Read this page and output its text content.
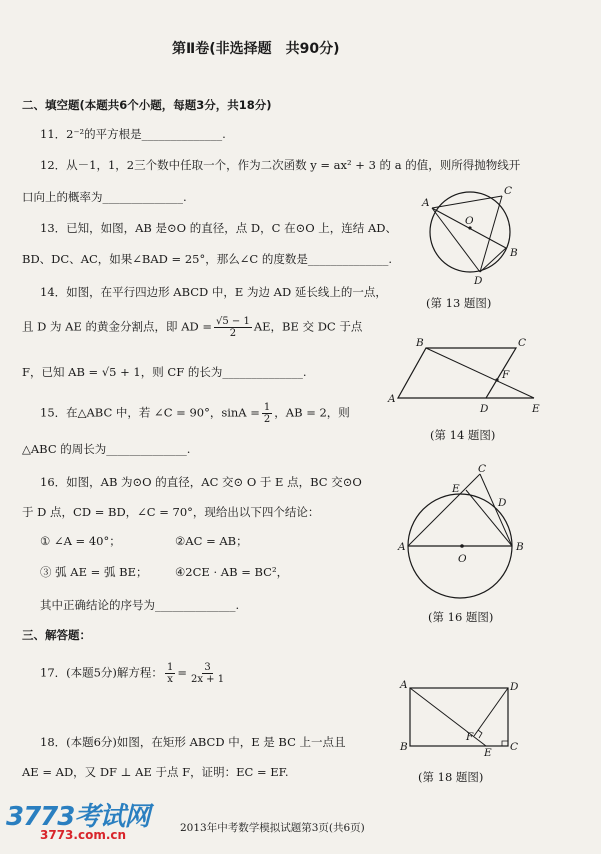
第Ⅱ卷(非选择题　共90分)
二、填空题(本题共6个小题，每题3分，共18分)
11．2⁻²的平方根是______________.
12．从－1，1，2三个数中任取一个，作为二次函数 y = ax² + 3 的 a 的值，则所得抛物线开
口向上的概率为______________.
13．已知，如图，AB 是⊙O 的直径，点 D，C 在⊙O 上，连结 AD、
BD、DC、AC，如果∠BAD = 25°，那么∠C 的度数是______________.
14．如图，在平行四边形 ABCD 中，E 为边 AD 延长线上的一点，
且 D 为 AE 的黄金分割点，即 AD = $\frac{√5 - 1}{2}$ AE，BE 交 DC 于点
F，已知 AB = √5 + 1，则 CF 的长为______________.
15．在△ABC 中，若 ∠C = 90°，$\sin A = \frac{1}{2}$ ，AB = 2，则
△ABC 的周长为______________.
16．如图，AB 为⊙O 的直径，AC 交⊙ O 于 E 点，BC 交⊙O
于 D 点，CD = BD，∠C = 70°，现给出以下四个结论：
① ∠A = 40°；	②AC = AB；
③ 弧 AE = 弧 BE； ④2CE · AB = BC²，
其中正确结论的序号为______________.
三、解答题：
17．(本题5分)解方程： $\frac{1}{x} = \frac{3}{2x + 1}$
18．(本题6分)如图，在矩形 ABCD 中，E 是 BC 上一点且
AE = AD，又 DF ⊥ AE 于点 F，证明：EC = EF.
A
C
O
B
D
(第 13 题图)
B	C
F
A
D	E
(第 14 题图)
C
E
D
A
O
B
(第 16 题图)
A	D
F
B	E C
(第 18 题图)
2013年中考数学模拟试题第3页(共6页)
3773考试网
3773.com.cn
